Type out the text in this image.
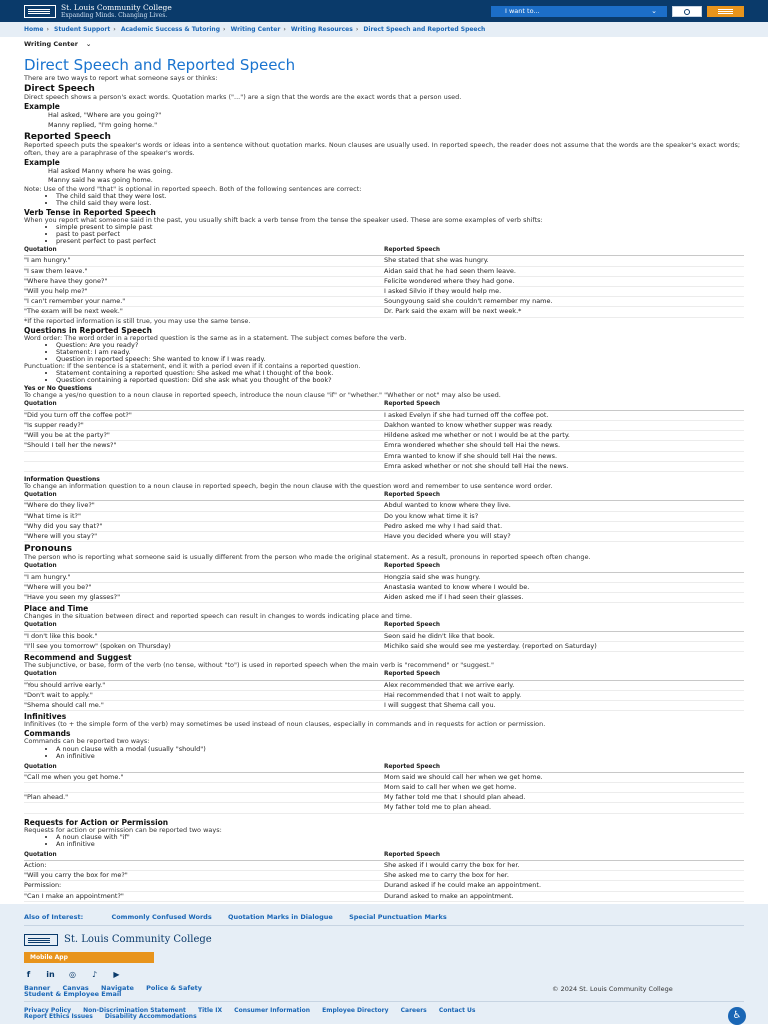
St. Louis Community College
Expanding Minds. Changing Lives.
I want to...	⌄
Home › Student Support › Academic Success & Tutoring › Writing Center › Writing Resources › Direct Speech and Reported Speech
Writing Center ⌄
Direct Speech and Reported Speech

There are two ways to report what someone says or thinks:

Direct Speech

Direct speech shows a person's exact words. Quotation marks ("...") are a sign that the words are the exact words that a person used.

Example
Hal asked, "Where are you going?"
Manny replied, "I'm going home."
Reported Speech

Reported speech puts the speaker's words or ideas into a sentence without quotation marks. Noun clauses are usually used. In reported speech, the reader does not assume that the words are the speaker's exact words; often, they are a paraphrase of the speaker's words.

Example
Hal asked Manny where he was going.
Manny said he was going home.

Note: Use of the word "that" is optional in reported speech. Both of the following sentences are correct:

• The child said that they were lost.
• The child said they were lost.
Verb Tense in Reported Speech

When you report what someone said in the past, you usually shift back a verb tense from the tense the speaker used. These are some examples of verb shifts:

• simple present to simple past
• past to past perfect
• present perfect to past perfect
Quotation	Reported Speech
"I am hungry."	She stated that she was hungry.
"I saw them leave."	Aidan said that he had seen them leave.
"Where have they gone?"	Felicite wondered where they had gone.
"Will you help me?"	I asked Silvio if they would help me.
"I can't remember your name."	Soungyoung said she couldn't remember my name.
"The exam will be next week."	Dr. Park said the exam will be next week.*

*If the reported information is still true, you may use the same tense.

Questions in Reported Speech

Word order: The word order in a reported question is the same as in a statement. The subject comes before the verb.

• Question: Are you ready?
• Statement: I am ready.
• Question in reported speech: She wanted to know if I was ready.

Punctuation: If the sentence is a statement, end it with a period even if it contains a reported question.

• Statement containing a reported question: She asked me what I thought of the book.
• Question containing a reported question: Did she ask what you thought of the book?
Yes or No Questions

To change a yes/no question to a noun clause in reported speech, introduce the noun clause "if" or "whether." "Whether or not" may also be used.

Quotation	Reported Speech
"Did you turn off the coffee pot?"	I asked Evelyn if she had turned off the coffee pot.
"Is supper ready?"	Dakhon wanted to know whether supper was ready.
"Will you be at the party?"	Hildene asked me whether or not I would be at the party.
"Should I tell her the news?"	Emra wondered whether she should tell Hai the news.
	Emra wanted to know if she should tell Hai the news.
	Emra asked whether or not she should tell Hai the news.
Information Questions

To change an information question to a noun clause in reported speech, begin the noun clause with the question word and remember to use sentence word order.

Quotation	Reported Speech
"Where do they live?"	Abdul wanted to know where they live.
"What time is it?"	Do you know what time it is?
"Why did you say that?"	Pedro asked me why I had said that.
"Where will you stay?"	Have you decided where you will stay?
Pronouns

The person who is reporting what someone said is usually different from the person who made the original statement. As a result, pronouns in reported speech often change.

Quotation	Reported Speech
"I am hungry."	Hongzia said she was hungry.
"Where will you be?"	Anastasia wanted to know where I would be.
"Have you seen my glasses?"	Aiden asked me if I had seen their glasses.
Place and Time

Changes in the situation between direct and reported speech can result in changes to words indicating place and time.

Quotation	Reported Speech
"I don't like this book."	Seon said he didn't like that book.
"I'll see you tomorrow" (spoken on Thursday)	Michiko said she would see me yesterday. (reported on Saturday)
Recommend and Suggest

The subjunctive, or base, form of the verb (no tense, without "to") is used in reported speech when the main verb is "recommend" or "suggest."

Quotation	Reported Speech
"You should arrive early."	Alex recommended that we arrive early.
"Don't wait to apply."	Hai recommended that I not wait to apply.
"Shema should call me."	I will suggest that Shema call you.
Infinitives

Infinitives (to + the simple form of the verb) may sometimes be used instead of noun clauses, especially in commands and in requests for action or permission.

Commands

Commands can be reported two ways:

• A noun clause with a modal (usually "should")
• An infinitive
Quotation	Reported Speech
"Call me when you get home."	Mom said we should call her when we get home.
	Mom said to call her when we get home.
"Plan ahead."	My father told me that I should plan ahead.
	My father told me to plan ahead.
Requests for Action or Permission

Requests for action or permission can be reported two ways:

• A noun clause with "if"
• An infinitive
Quotation	Reported Speech
Action:	She asked if I would carry the box for her.
"Will you carry the box for me?"	She asked me to carry the box for her.
Permission:	Durand asked if he could make an appointment.
"Can I make an appointment?"	Durand asked to make an appointment.
Also of Interest:	Commonly Confused Words	Quotation Marks in Dialogue	Special Punctuation Marks
St. Louis Community College
Mobile App
f	in ◎ ♪ ▶
Banner Canvas Navigate Police & Safety
Student & Employee Email
© 2024 St. Louis Community College
Privacy Policy Non-Discrimination Statement Title IX Consumer Information Employee Directory Careers Contact Us
Report Ethics Issues Disability Accommodations	♿
